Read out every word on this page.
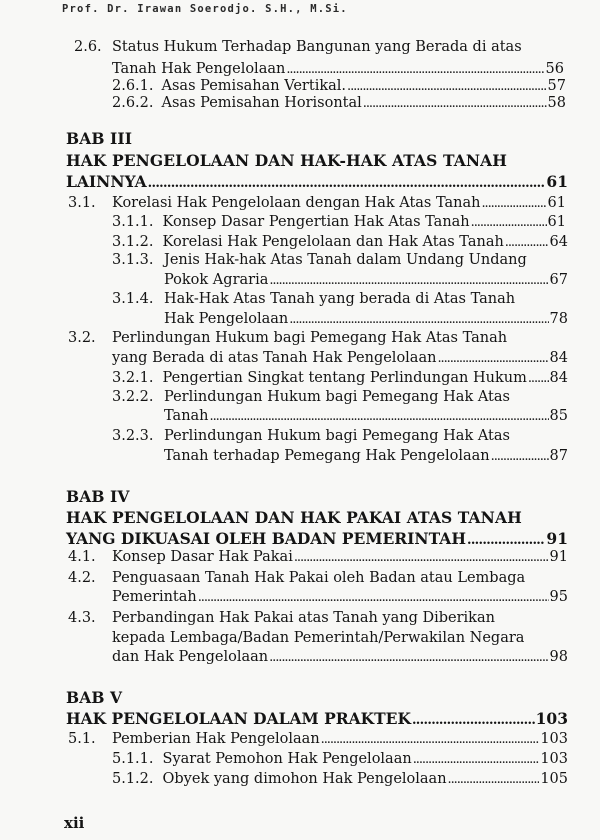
Prof. Dr. Irawan Soerodjo. S.H., M.Si.
2.6. Status Hukum Terhadap Bangunan yang Berada di atas
Tanah Hak Pengelolaan . . .	56
2.6.1. Asas Pemisahan Vertikal. . . .	57
2.6.2. Asas Pemisahan Horisontal . . .	58
BAB III
HAK PENGELOLAAN DAN HAK-HAK ATAS TANAH
LAINNYA . . .	61
3.1.	Korelasi Hak Pengelolaan dengan Hak Atas Tanah . . .	61
3.1.1. Konsep Dasar Pengertian Hak Atas Tanah . . .	61
3.1.2. Korelasi Hak Pengelolaan dan Hak Atas Tanah . . .	64
3.1.3. Jenis Hak-hak Atas Tanah dalam Undang Undang
Pokok Agraria . . .	67
3.1.4. Hak-Hak Atas Tanah yang berada di Atas Tanah
Hak Pengelolaan . . .	78
3.2. Perlindungan Hukum bagi Pemegang Hak Atas Tanah
yang Berada di atas Tanah Hak Pengelolaan . . .	84
3.2.1. Pengertian Singkat tentang Perlindungan Hukum . . . 84
3.2.2. Perlindungan Hukum bagi Pemegang Hak Atas
Tanah . . .	85
3.2.3. Perlindungan Hukum bagi Pemegang Hak Atas
Tanah terhadap Pemegang Hak Pengelolaan . . .	87
BAB IV
HAK PENGELOLAAN DAN HAK PAKAI ATAS TANAH
YANG DIKUASAI OLEH BADAN PEMERINTAH . . .	91
4.1.	Konsep Dasar Hak Pakai . . .	91
4.2. Penguasaan Tanah Hak Pakai oleh Badan atau Lembaga
Pemerintah . . .	95
4.3. Perbandingan Hak Pakai atas Tanah yang Diberikan
kepada Lembaga/Badan Pemerintah/Perwakilan Negara
dan Hak Pengelolaan . . .	98
BAB V
HAK PENGELOLAAN DALAM PRAKTEK . . .	103
5.1.	Pemberian Hak Pengelolaan . . .	103
5.1.1. Syarat Pemohon Hak Pengelolaan . . .	103
5.1.2. Obyek yang dimohon Hak Pengelolaan . . .	105
xii
